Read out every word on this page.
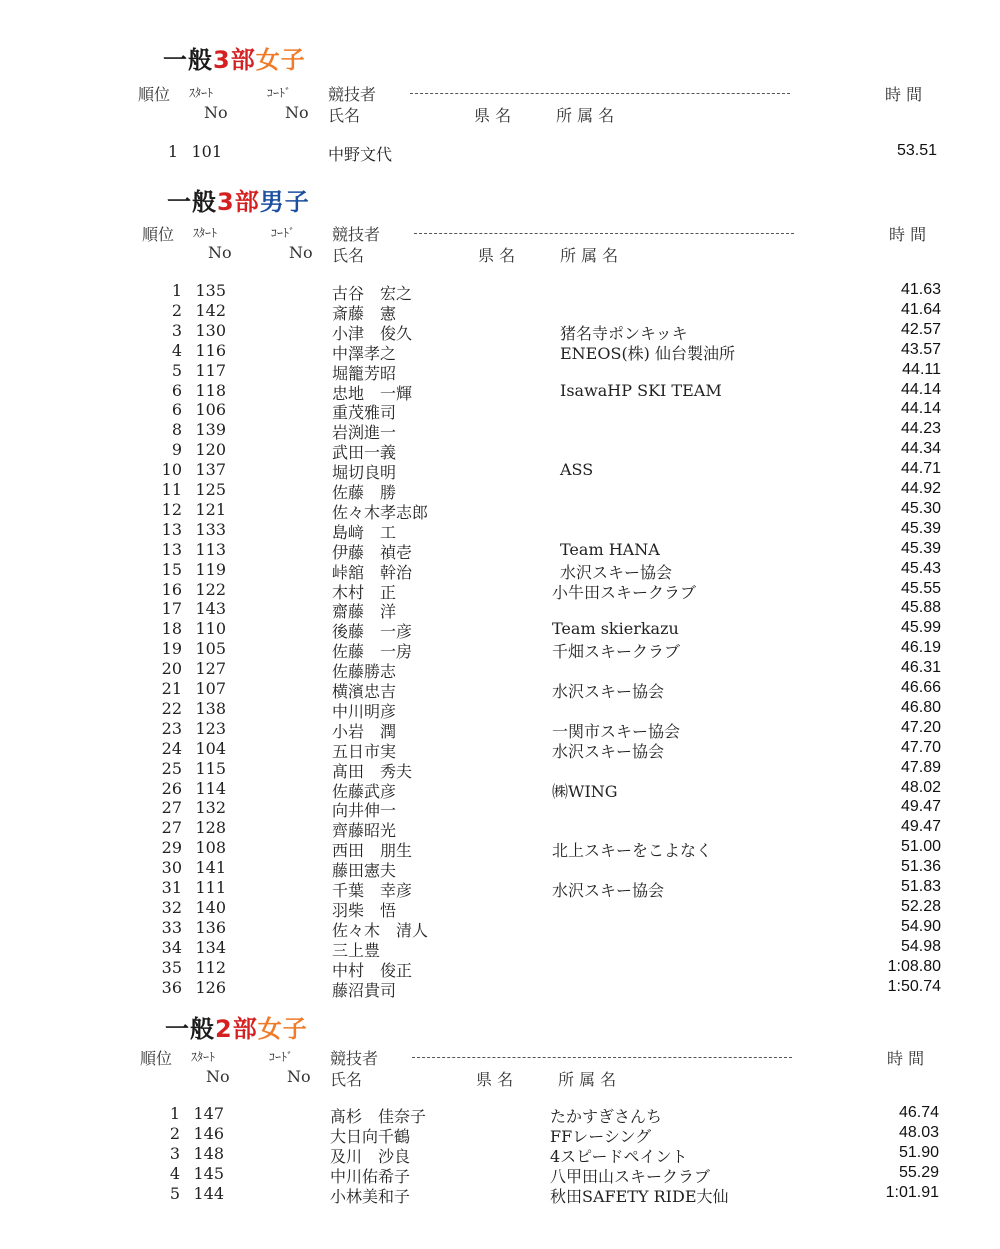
一般3部女子
順位 ｽﾀｰﾄ	ｺｰﾄﾞ 競技者	時 間
No	No 氏名	県 名	所 属 名
1 101	中野文代	53.51
一般3部男子
順位 ｽﾀｰﾄ	ｺｰﾄﾞ 競技者	時 間
No	No 氏名	県 名	所 属 名
1 135	古谷　宏之	41.63
2 142	斎藤　憲	41.64
3 130	小津　俊久	猪名寺ポンキッキ	42.57
4 116	中澤孝之	ENEOS(株) 仙台製油所	43.57
5 117	堀籠芳昭	44.11
6 118	忠地　一輝	IsawaHP SKI TEAM	44.14
6 106	重茂雅司	44.14
8 139	岩渕進一	44.23
9 120	武田一義	44.34
10 137	堀切良明	ASS	44.71
11 125	佐藤　勝	44.92
12 121	佐々木孝志郎	45.30
13 133	島﨑　工	45.39
13 113	伊藤　禎壱	Team HANA	45.39
15 119	峠舘　幹治	水沢スキー協会	45.43
16 122	木村　正	小牛田スキークラブ	45.55
17 143	齋藤　洋	45.88
18 110	後藤　一彦	Team skierkazu	45.99
19 105	佐藤　一房	千畑スキークラブ	46.19
20 127	佐藤勝志	46.31
21 107	横濱忠吉	水沢スキー協会	46.66
22 138	中川明彦	46.80
23 123	小岩　潤	一関市スキー協会	47.20
24 104	五日市実	水沢スキー協会	47.70
25 115	髙田　秀夫	47.89
26 114	佐藤武彦	㈱WING	48.02
27 132	向井伸一	49.47
27 128	齊藤昭光	49.47
29 108	西田　朋生	北上スキーをこよなく	51.00
30 141	藤田憲夫	51.36
31 111	千葉　幸彦	水沢スキー協会	51.83
32 140	羽柴　悟	52.28
33 136	佐々木　清人	54.90
34 134	三上豊	54.98
35 112	中村　俊正	1:08.80
36 126	藤沼貴司	1:50.74
一般2部女子
順位 ｽﾀｰﾄ	ｺｰﾄﾞ 競技者	時 間
No	No 氏名	県 名	所 属 名
1 147	髙杉　佳奈子	たかすぎさんち	46.74
2 146	大日向千鶴	FFレーシング	48.03
3 148	及川　沙良	4スピードペイント	51.90
4 145	中川佑希子	八甲田山スキークラブ	55.29
5 144	小林美和子	秋田SAFETY RIDE大仙	1:01.91
